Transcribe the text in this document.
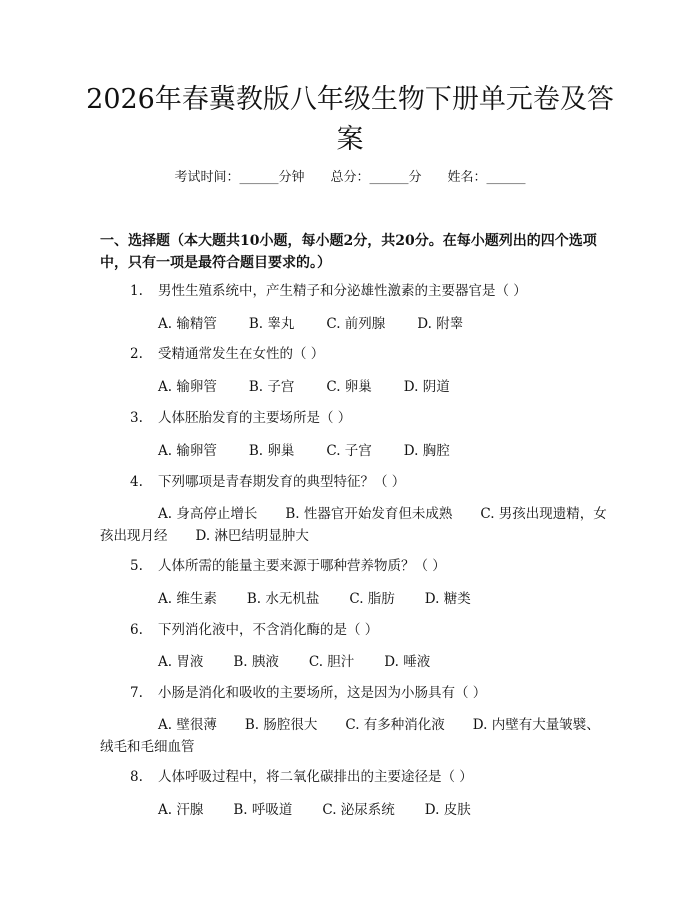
2026年春冀教版八年级生物下册单元卷及答案
考试时间：______分钟 总分：______分 姓名：______
一、选择题（本大题共10小题，每小题2分，共20分。在每小题列出的四个选项中，只有一项是最符合题目要求的。）
1. 男性生殖系统中，产生精子和分泌雄性激素的主要器官是（ ）
A. 输精管 B. 睾丸 C. 前列腺 D. 附睾
2. 受精通常发生在女性的（ ）
A. 输卵管 B. 子宫 C. 卵巢 D. 阴道
3. 人体胚胎发育的主要场所是（ ）
A. 输卵管 B. 卵巢 C. 子宫 D. 胸腔
4. 下列哪项是青春期发育的典型特征？（ ）
A. 身高停止增长 B. 性器官开始发育但未成熟 C. 男孩出现遗精，女孩出现月经 D. 淋巴结明显肿大
5. 人体所需的能量主要来源于哪种营养物质？（ ）
A. 维生素 B. 水无机盐 C. 脂肪 D. 糖类
6. 下列消化液中，不含消化酶的是（ ）
A. 胃液 B. 胰液 C. 胆汁 D. 唾液
7. 小肠是消化和吸收的主要场所，这是因为小肠具有（ ）
A. 壁很薄 B. 肠腔很大 C. 有多种消化液 D. 内壁有大量皱襞、绒毛和毛细血管
8. 人体呼吸过程中，将二氧化碳排出的主要途径是（ ）
A. 汗腺 B. 呼吸道 C. 泌尿系统 D. 皮肤
